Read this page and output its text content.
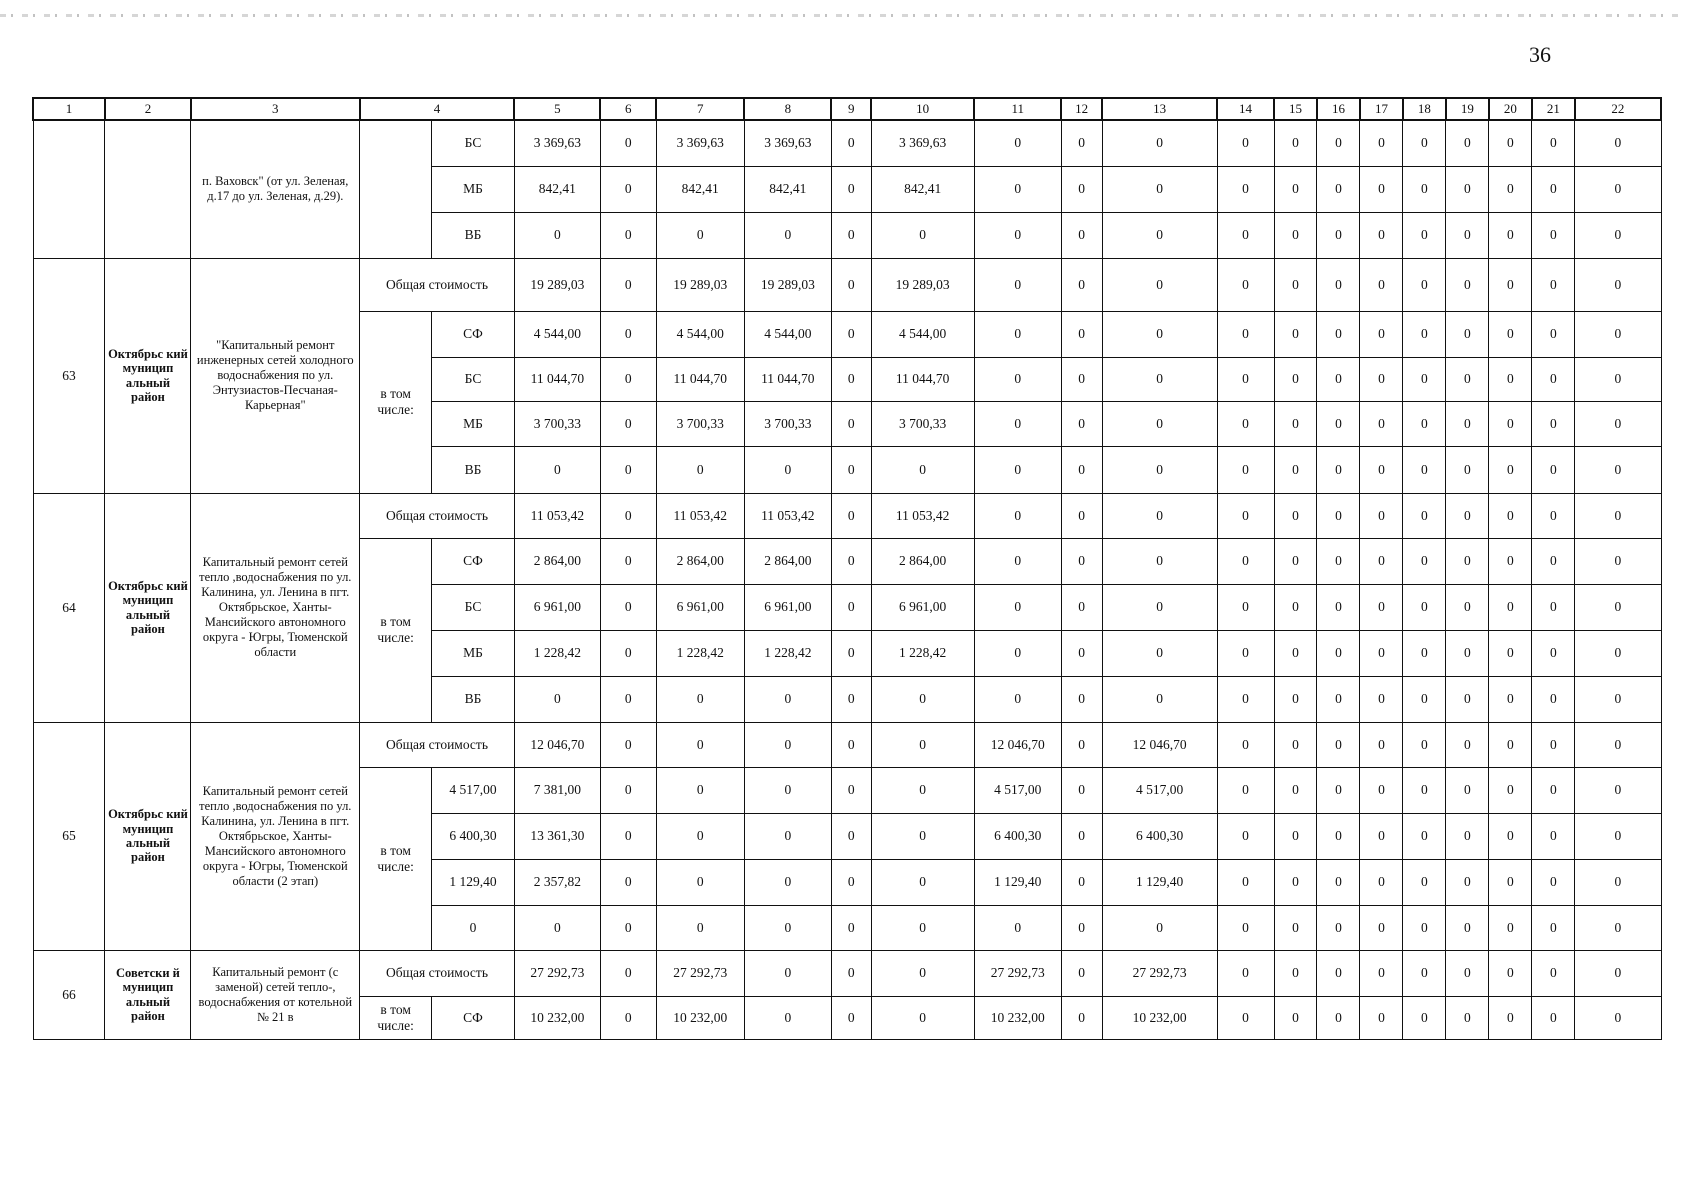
36
1	2	3	4		5	6	7	8	9	10	11	12	13	14	15	16	17	18	19	20	21	22
		п. Ваховск" (от ул. Зеленая, д.17 до ул. Зеленая, д.29).		БС	3 369,63	0	3 369,63	3 369,63	0	3 369,63	0	0	0	0	0	0	0	0	0	0	0	0
				МБ	842,41	0	842,41	842,41	0	842,41	0	0	0	0	0	0	0	0	0	0	0	0
				ВБ	0	0	0	0	0	0	0	0	0	0	0	0	0	0	0	0	0	0
63	Октябрьс кий муницип альный район	"Капитальный ремонт инженерных сетей холодного водоснабжения по ул. Энтузиастов-Песчаная-Карьерная"	Общая стоимость		19 289,03	0	19 289,03	19 289,03	0	19 289,03	0	0	0	0	0	0	0	0	0	0	0	0
			в том числе:	СФ	4 544,00	0	4 544,00	4 544,00	0	4 544,00	0	0	0	0	0	0	0	0	0	0	0	0
				БС	11 044,70	0	11 044,70	11 044,70	0	11 044,70	0	0	0	0	0	0	0	0	0	0	0	0
				МБ	3 700,33	0	3 700,33	3 700,33	0	3 700,33	0	0	0	0	0	0	0	0	0	0	0	0
				ВБ	0	0	0	0	0	0	0	0	0	0	0	0	0	0	0	0	0	0
64	Октябрьс кий муницип альный район	Капитальный ремонт сетей тепло ,водоснабжения по ул. Калинина, ул. Ленина в пгт. Октябрьское, Ханты-Мансийского автономного округа - Югры, Тюменской области	Общая стоимость		11 053,42	0	11 053,42	11 053,42	0	11 053,42	0	0	0	0	0	0	0	0	0	0	0	0
			в том числе:	СФ	2 864,00	0	2 864,00	2 864,00	0	2 864,00	0	0	0	0	0	0	0	0	0	0	0	0
				БС	6 961,00	0	6 961,00	6 961,00	0	6 961,00	0	0	0	0	0	0	0	0	0	0	0	0
				МБ	1 228,42	0	1 228,42	1 228,42	0	1 228,42	0	0	0	0	0	0	0	0	0	0	0	0
				ВБ	0	0	0	0	0	0	0	0	0	0	0	0	0	0	0	0	0	0
65	Октябрьс кий муницип альный район	Капитальный ремонт сетей тепло ,водоснабжения по ул. Калинина, ул. Ленина в пгт. Октябрьское, Ханты-Мансийского автономного округа - Югры, Тюменской области (2 этап)	Общая стоимость		12 046,70	0	0	0	0	0	12 046,70	0	12 046,70	0	0	0	0	0	0	0	0	0
			в том числе:	4 517,00	7 381,00	0	0	0	0	0	4 517,00	0	4 517,00	0	0	0	0	0	0	0	0	0
				6 400,30	13 361,30	0	0	0	0	0	6 400,30	0	6 400,30	0	0	0	0	0	0	0	0	0
				1 129,40	2 357,82	0	0	0	0	0	1 129,40	0	1 129,40	0	0	0	0	0	0	0	0	0
				0	0	0	0	0	0	0	0	0	0	0	0	0	0	0	0	0	0	0
66	Советски й муницип альный район	Капитальный ремонт (с заменой) сетей тепло-, водоснабжения от котельной № 21 в	Общая стоимость		27 292,73	0	27 292,73	0	0	0	27 292,73	0	27 292,73	0	0	0	0	0	0	0	0	0
			в том числе:	СФ	10 232,00	0	10 232,00	0	0	0	10 232,00	0	10 232,00	0	0	0	0	0	0	0	0	0
